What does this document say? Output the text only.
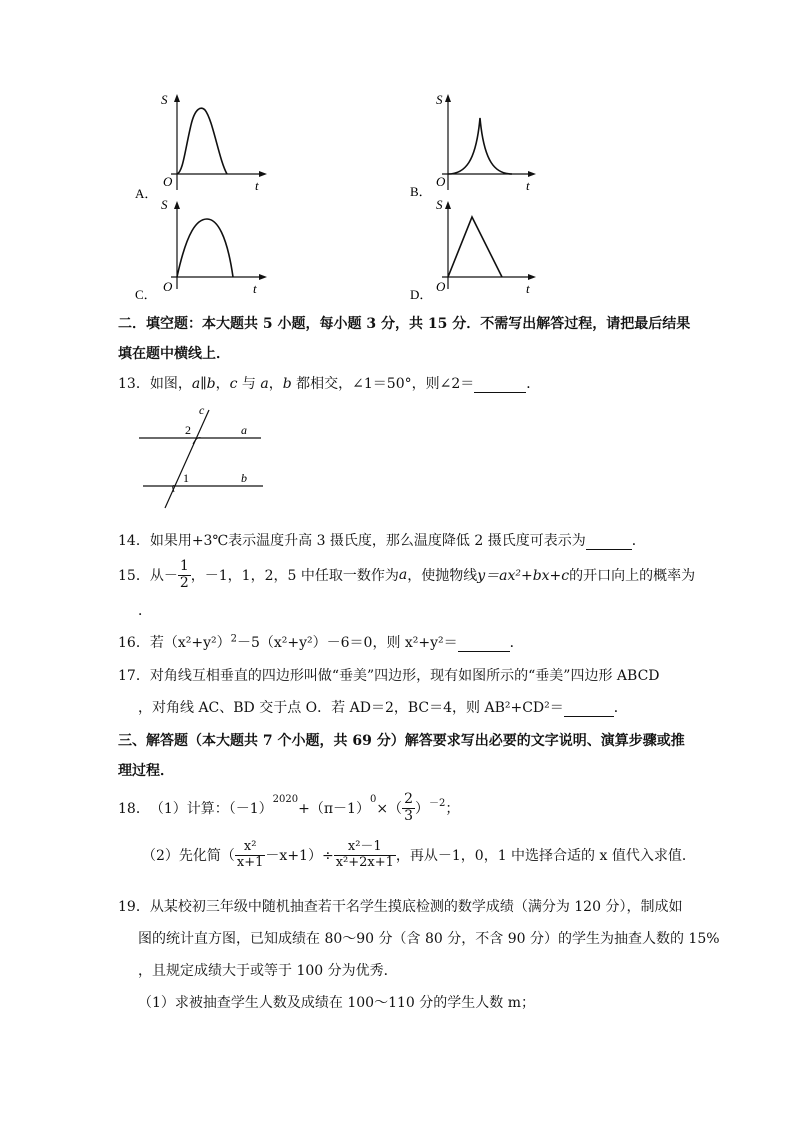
S
t
O
A．
S
t
O
B．
S
t
O
C．
S
t
O
D．
二．填空题：本大题共 5 小题，每小题 3 分，共 15 分．不需写出解答过程，请把最后结果
填在题中横线上．
13．如图，a∥b，c 与 a，b 都相交，∠1＝50°，则∠2＝	．
c
a
b
2
1
14．如果用+3℃表示温度升高 3 摄氏度，那么温度降低 2 摄氏度可表示为	．
15． 从－ $\frac{1}{2}$ ，－1，1，2，5 中任取一数作为 a ，使抛物线 y＝ax²+bx+c 的开口向上的概率为
．
16．若$(x^2+y^2)^2-5(x^2+y^2)-6=0$，则 x²+y²＝	．
17．对角线互相垂直的四边形叫做“垂美”四边形，现有如图所示的“垂美”四边形 ABCD
，对角线 AC、BD 交于点 O．若 AD＝2，BC＝4，则 AB²+CD²＝	．
三、解答题（本大题共 7 个小题，共 69 分）解答要求写出必要的文字说明、演算步骤或推
理过程．
18． （1）计算：（－1）
2020
+（π－1）
0
×（ $\frac{2}{3}$ ） －2 ；
（2）先化简（ $\frac{\text{x²}}{x+1} -x+1)\div \frac{\text{x²－1}}{\text{x²+2x+1}}$ ，再从－1，0，1 中选择合适的 x 值代入求值．
19．从某校初三年级中随机抽查若干名学生摸底检测的数学成绩（满分为 120 分），制成如
图的统计直方图，已知成绩在 80～90 分（含 80 分，不含 90 分）的学生为抽查人数的 15%
，且规定成绩大于或等于 100 分为优秀．
（1）求被抽查学生人数及成绩在 100～110 分的学生人数 m；
